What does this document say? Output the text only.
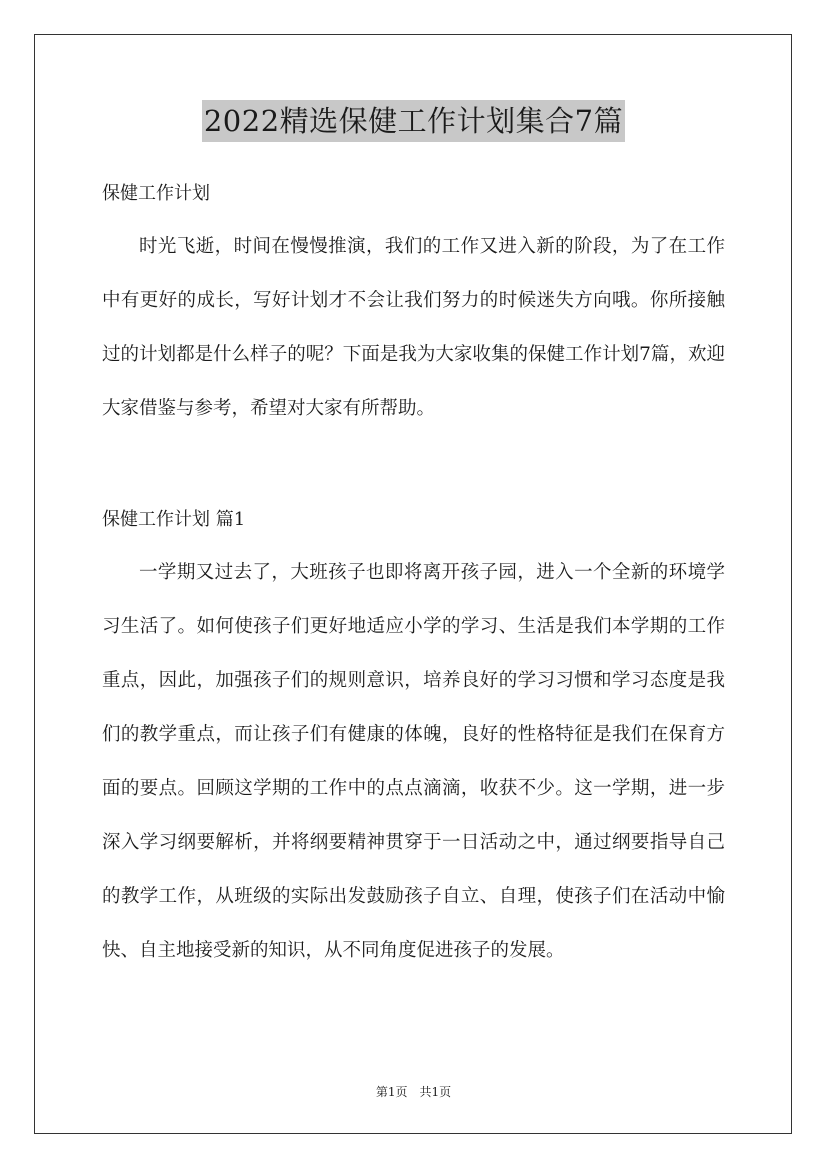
2022精选保健工作计划集合7篇
保健工作计划

时光飞逝，时间在慢慢推演，我们的工作又进入新的阶段，为了在工作中有更好的成长，写好计划才不会让我们努力的时候迷失方向哦。你所接触过的计划都是什么样子的呢？下面是我为大家收集的保健工作计划7篇，欢迎大家借鉴与参考，希望对大家有所帮助。

保健工作计划 篇1

一学期又过去了，大班孩子也即将离开孩子园，进入一个全新的环境学习生活了。如何使孩子们更好地适应小学的学习、生活是我们本学期的工作重点，因此，加强孩子们的规则意识，培养良好的学习习惯和学习态度是我们的教学重点，而让孩子们有健康的体魄，良好的性格特征是我们在保育方面的要点。回顾这学期的工作中的点点滴滴，收获不少。这一学期，进一步深入学习纲要解析，并将纲要精神贯穿于一日活动之中，通过纲要指导自己的教学工作，从班级的实际出发鼓励孩子自立、自理，使孩子们在活动中愉快、自主地接受新的知识，从不同角度促进孩子的发展。

第1页　共1页
